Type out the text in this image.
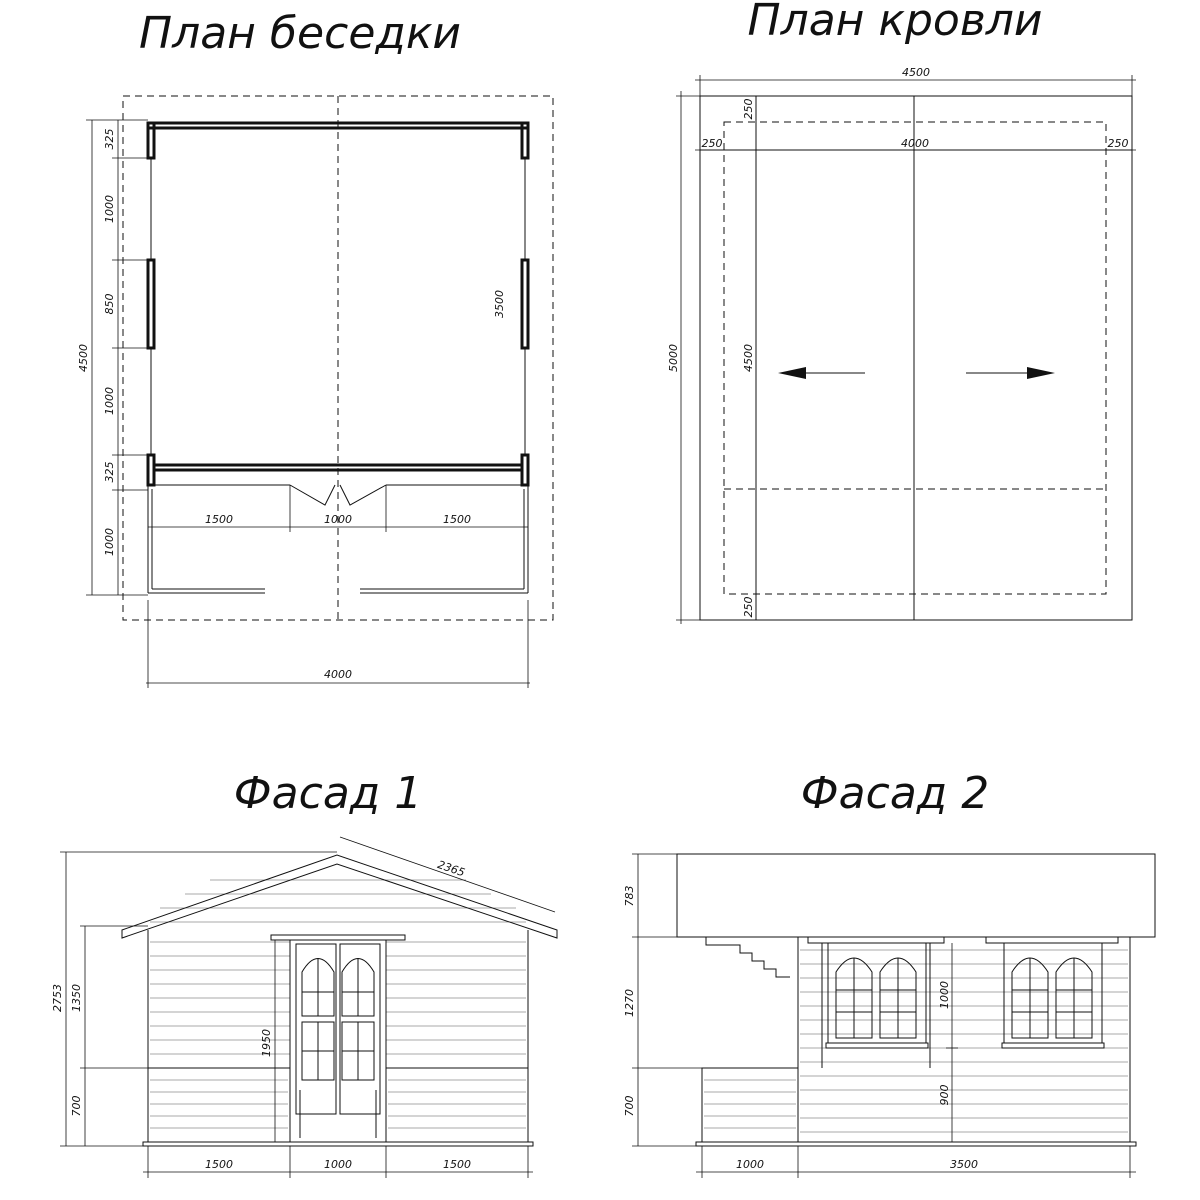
План беседки	План кровли
Фасад 1	Фасад 2
325
1000
850
1000
325
1000
4500
3500
1500	1000	1500
4000
4500
250	4000	250
5000
250
4500
250
2365
2753 1350
700
1950
1500	1000	1500
783
1270
700
1000
900
1000	3500
